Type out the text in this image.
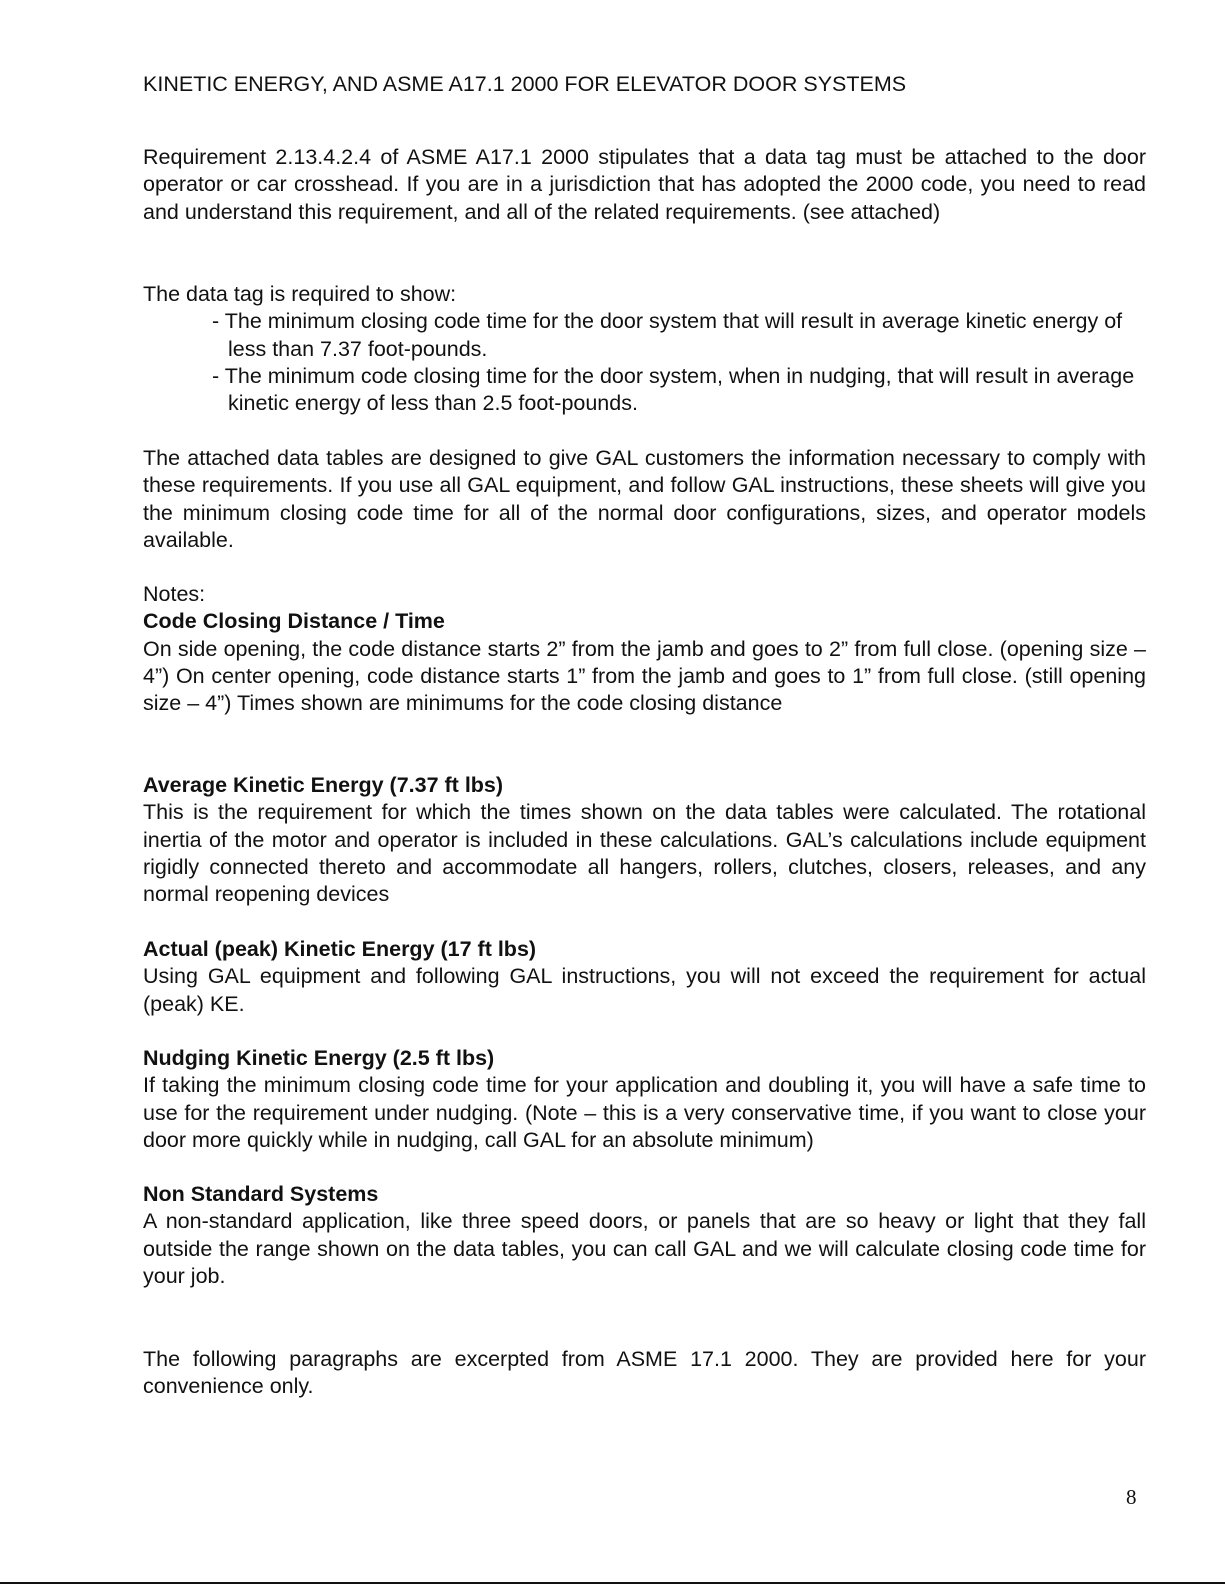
KINETIC ENERGY, AND ASME A17.1 2000 FOR ELEVATOR DOOR SYSTEMS

Requirement 2.13.4.2.4 of ASME A17.1 2000 stipulates that a data tag must be attached to the door operator or car crosshead. If you are in a jurisdiction that has adopted the 2000 code, you need to read and understand this requirement, and all of the related requirements. (see attached)

The data tag is required to show:

- The minimum closing code time for the door system that will result in average kinetic energy of less than 7.37 foot-pounds.

- The minimum code closing time for the door system, when in nudging, that will result in average kinetic energy of less than 2.5 foot-pounds.

The attached data tables are designed to give GAL customers the information necessary to comply with these requirements. If you use all GAL equipment, and follow GAL instructions, these sheets will give you the minimum closing code time for all of the normal door configurations, sizes, and operator models available.

Notes:

Code Closing Distance / Time

On side opening, the code distance starts 2” from the jamb and goes to 2” from full close. (opening size – 4”) On center opening, code distance starts 1” from the jamb and goes to 1” from full close. (still opening size – 4”) Times shown are minimums for the code closing distance

Average Kinetic Energy (7.37 ft lbs)

This is the requirement for which the times shown on the data tables were calculated. The rotational inertia of the motor and operator is included in these calculations. GAL’s calculations include equipment rigidly connected thereto and accommodate all hangers, rollers, clutches, closers, releases, and any normal reopening devices

Actual (peak) Kinetic Energy (17 ft lbs)

Using GAL equipment and following GAL instructions, you will not exceed the requirement for actual (peak) KE.

Nudging Kinetic Energy (2.5 ft lbs)

If taking the minimum closing code time for your application and doubling it, you will have a safe time to use for the requirement under nudging. (Note – this is a very conservative time, if you want to close your door more quickly while in nudging, call GAL for an absolute minimum)

Non Standard Systems

A non-standard application, like three speed doors, or panels that are so heavy or light that they fall outside the range shown on the data tables, you can call GAL and we will calculate closing code time for your job.

The following paragraphs are excerpted from ASME 17.1 2000. They are provided here for your convenience only.

8
